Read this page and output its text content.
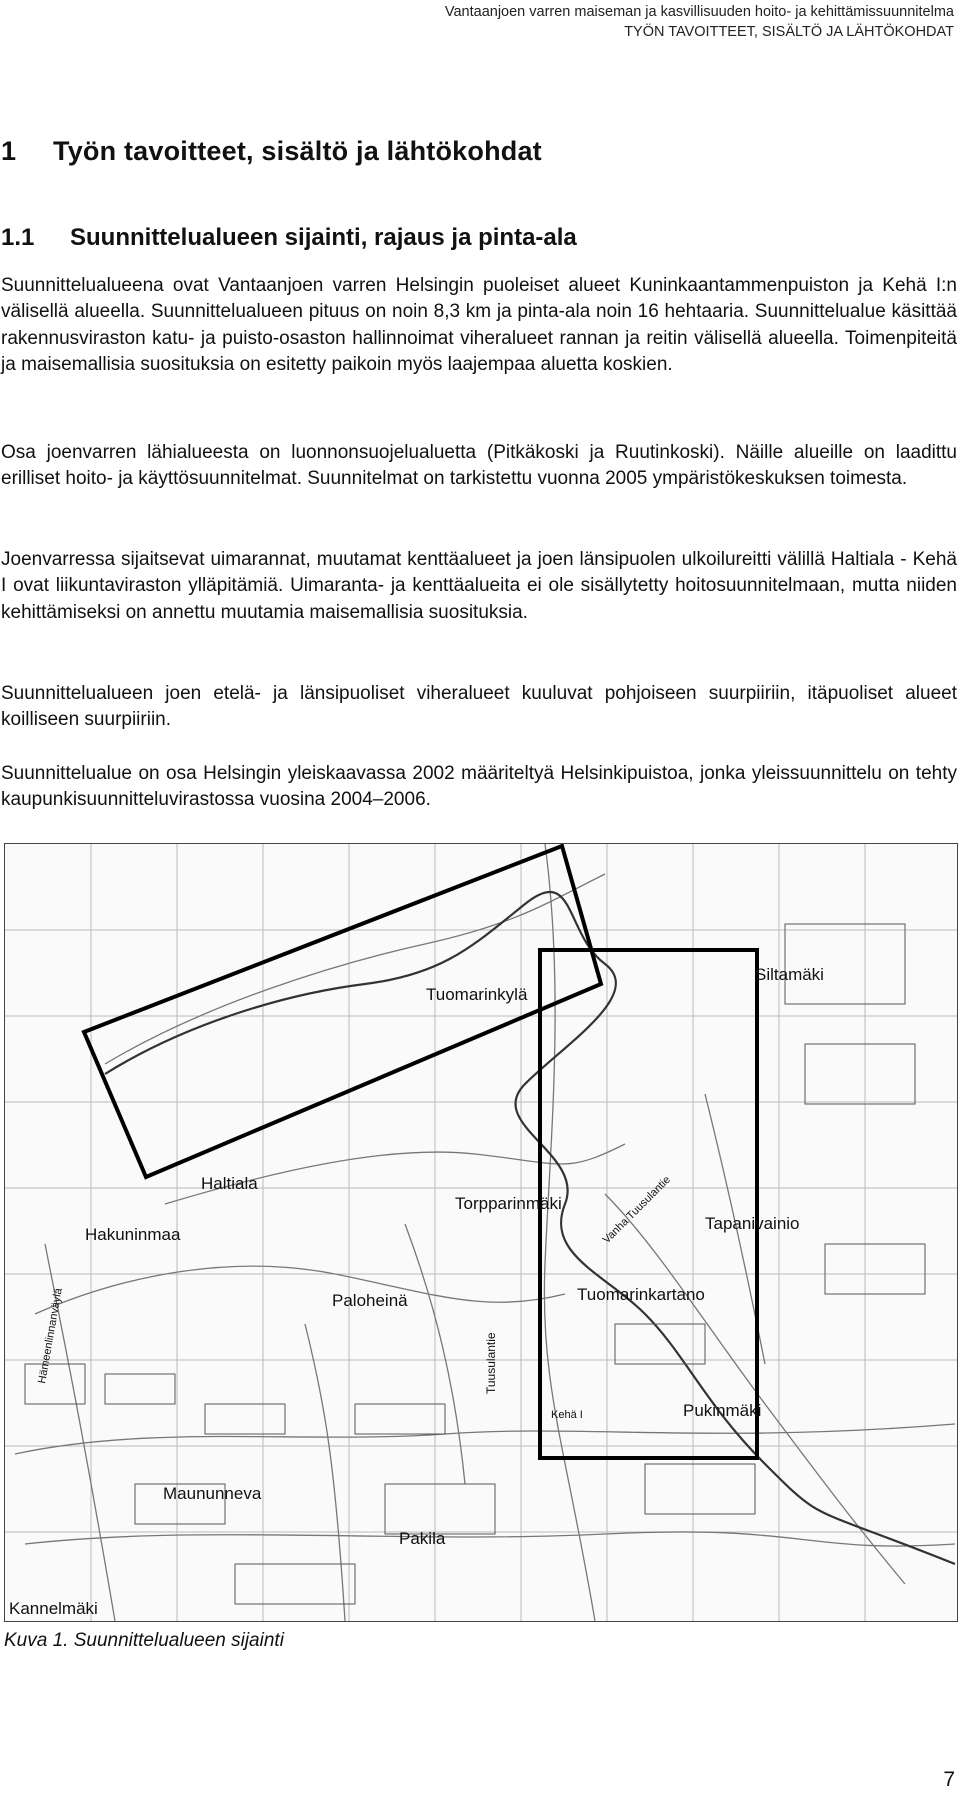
Vantaanjoen varren maiseman ja kasvillisuuden hoito- ja kehittämissuunnitelma
TYÖN TAVOITTEET, SISÄLTÖ JA LÄHTÖKOHDAT
1 Työn tavoitteet, sisältö ja lähtökohdat
1.1 Suunnittelualueen sijainti, rajaus ja pinta-ala

Suunnittelualueena ovat Vantaanjoen varren Helsingin puoleiset alueet Kuninkaantammenpuiston ja Kehä I:n välisellä alueella. Suunnittelualueen pituus on noin 8,3 km ja pinta-ala noin 16 hehtaaria. Suunnittelualue käsittää rakennusviraston katu- ja puisto-osaston hallinnoimat viheralueet rannan ja reitin välisellä alueella. Toimenpiteitä ja maisemallisia suosituksia on esitetty paikoin myös laajempaa aluetta koskien.

Osa joenvarren lähialueesta on luonnonsuojelualuetta (Pitkäkoski ja Ruutinkoski). Näille alueille on laadittu erilliset hoito- ja käyttösuunnitelmat. Suunnitelmat on tarkistettu vuonna 2005 ympäristökeskuksen toimesta.

Joenvarressa sijaitsevat uimarannat, muutamat kenttäalueet ja joen länsipuolen ulkoilureitti välillä Haltiala - Kehä I ovat liikuntaviraston ylläpitämiä. Uimaranta- ja kenttäalueita ei ole sisällytetty hoitosuunnitelmaan, mutta niiden kehittämiseksi on annettu muutamia maisemallisia suosituksia.

Suunnittelualueen joen etelä- ja länsipuoliset viheralueet kuuluvat pohjoiseen suurpiiriin, itäpuoliset alueet koilliseen suurpiiriin.

Suunnittelualue on osa Helsingin yleiskaavassa 2002 määriteltyä Helsinkipuistoa, jonka yleissuunnittelu on tehty kaupunkisuunnitteluvirastossa vuosina 2004–2006.

Tuomarinkylä
Siltamäki
Haltiala
Torpparinmäki
Tapanivainio
Hakuninmaa
Paloheinä	Tuomarinkartano
Tuusulantie
Vanha Tuusulantie
Hämeenlinnanväylä
Kehä I	Pukinmäki
Maununneva
Pakila
Kannelmäki
Kuva 1. Suunnittelualueen sijainti
7
